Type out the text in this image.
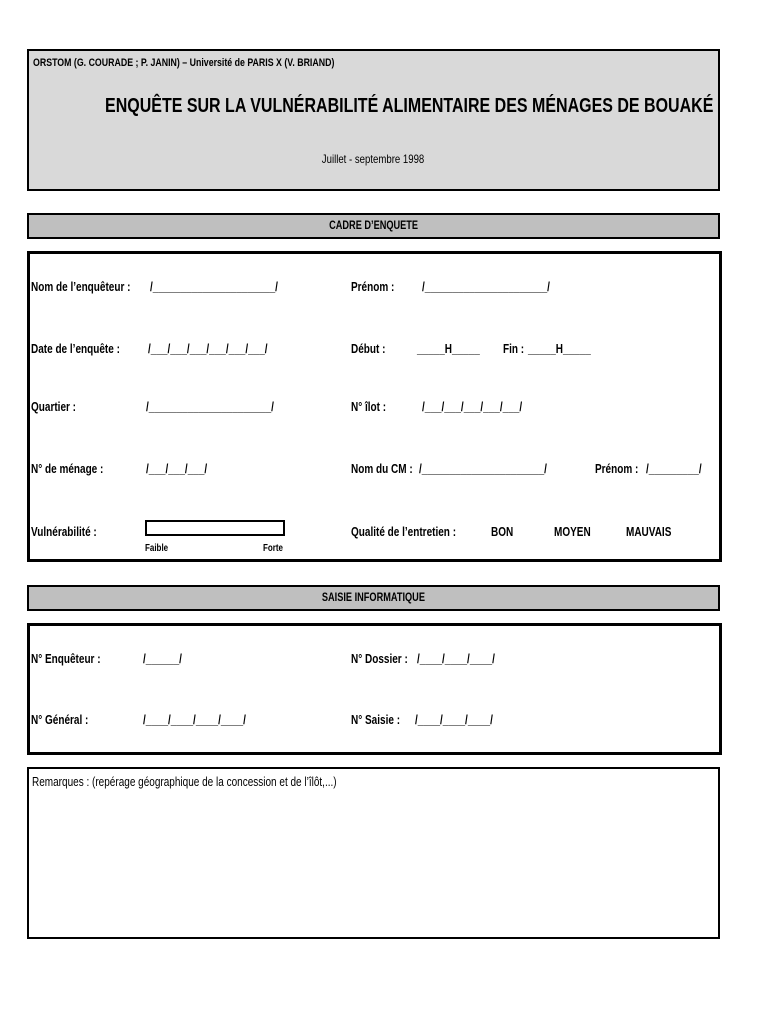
ORSTOM (G. COURADE ; P. JANIN) – Université de PARIS X (V. BRIAND)
ENQUÊTE SUR LA VULNÉRABILITÉ ALIMENTAIRE DES MÉNAGES DE BOUAKÉ
Juillet - septembre 1998
CADRE D’ENQUETE
Nom de l’enquêteur :	/______________________/	Prénom :	/______________________/
Date de l’enquête :	/___/___/___/___/___/___/	Début :	_____H_____	Fin : _____H_____
Quartier :	/______________________/	N° îlot :	/___/___/___/___/___/
N° de ménage :	/___/___/___/	Nom du CM : /______________________/	Prénom : /_________/
Vulnérabilité :
Faible	Forte
Qualité de l’entretien :	BON	MOYEN	MAUVAIS
SAISIE INFORMATIQUE
N° Enquêteur :	/______/	N° Dossier : /____/____/____/
N° Général :	/____/____/____/____/	N° Saisie :	/____/____/____/
Remarques : (repérage géographique de la concession et de l’îlôt,...)
